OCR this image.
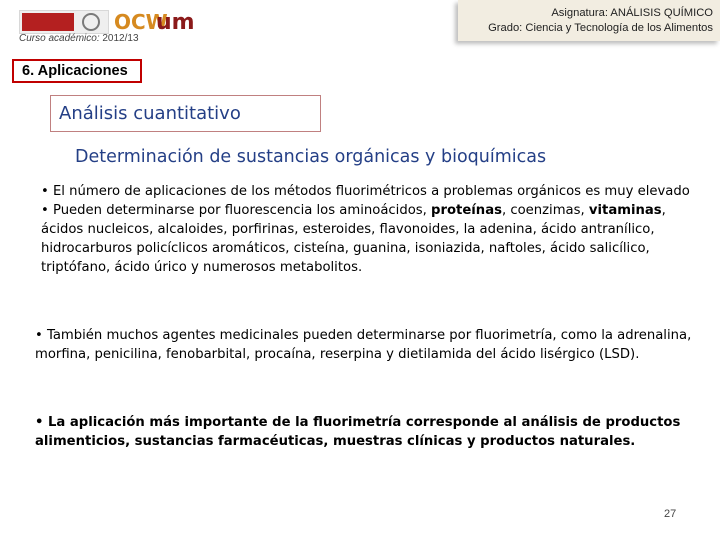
OCW
um
Curso académico: 2012/13
Asignatura: ANÁLISIS QUÍMICO
Grado: Ciencia y Tecnología de los Alimentos
6. Aplicaciones
Análisis cuantitativo
Determinación de sustancias orgánicas y bioquímicas
• El número de aplicaciones de los métodos fluorimétricos a problemas orgánicos es muy elevado
• Pueden determinarse por fluorescencia los aminoácidos, proteínas, coenzimas, vitaminas, ácidos nucleicos, alcaloides, porfirinas, esteroides, flavonoides, la adenina, ácido antranílico, hidrocarburos policíclicos aromáticos, cisteína, guanina, isoniazida, naftoles, ácido salicílico, triptófano, ácido úrico y numerosos metabolitos.
• También muchos agentes medicinales pueden determinarse por fluorimetría, como la adrenalina, morfina, penicilina, fenobarbital, procaína, reserpina y dietilamida del ácido lisérgico (LSD).
• La aplicación más importante de la fluorimetría corresponde al análisis de productos alimenticios, sustancias farmacéuticas, muestras clínicas y productos naturales.
27
